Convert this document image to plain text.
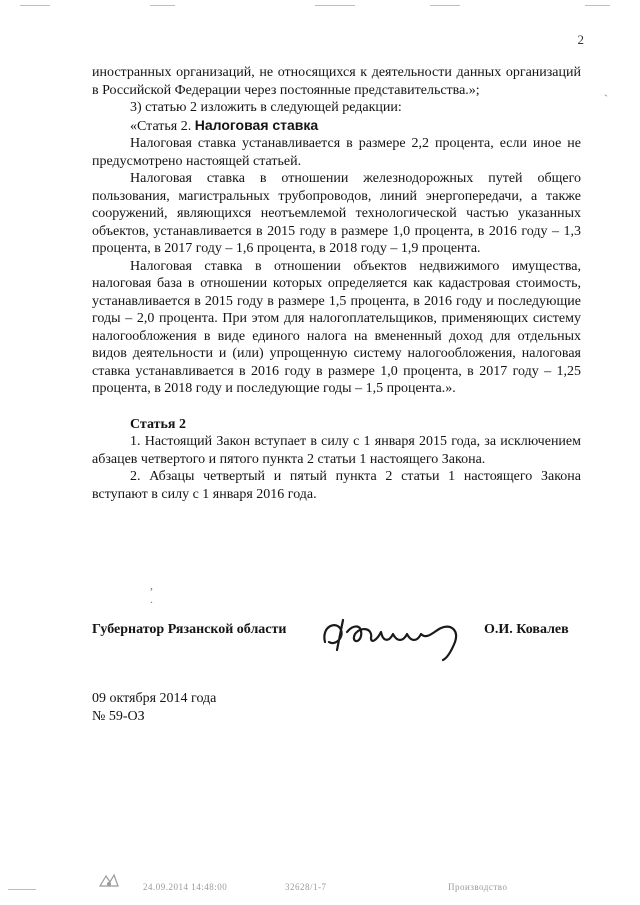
2
`
,
.

иностранных организаций, не относящихся к деятельности данных организаций в Российской Федерации через постоянные представительства.»;

3) статью 2 изложить в следующей редакции:

«Статья 2. Налоговая ставка

Налоговая ставка устанавливается в размере 2,2 процента, если иное не предусмотрено настоящей статьей.

Налоговая ставка в отношении железнодорожных путей общего пользования, магистральных трубопроводов, линий энергопередачи, а также сооружений, являющихся неотъемлемой технологической частью указанных объектов, устанавливается в 2015 году в размере 1,0 процента, в 2016 году – 1,3 процента, в 2017 году – 1,6 процента, в 2018 году – 1,9 процента.

Налоговая ставка в отношении объектов недвижимого имущества, налоговая база в отношении которых определяется как кадастровая стоимость, устанавливается в 2015 году в размере 1,5 процента, в 2016 году и последующие годы – 2,0 процента. При этом для налогоплательщиков, применяющих систему налогообложения в виде единого налога на вмененный доход для отдельных видов деятельности и (или) упрощенную систему налогообложения, налоговая ставка устанавливается в 2016 году в размере 1,0 процента, в 2017 году – 1,25 процента, в 2018 году и последующие годы – 1,5 процента.».

Статья 2

1. Настоящий Закон вступает в силу с 1 января 2015 года, за исключением абзацев четвертого и пятого пункта 2 статьи 1 настоящего Закона.

2. Абзацы четвертый и пятый пункта 2 статьи 1 настоящего Закона вступают в силу с 1 января 2016 года.

Губернатор Рязанской области	О.И. Ковалев
09 октября 2014 года
№ 59-ОЗ
24.09.2014 14:48:00	32628/1-7	Производство
